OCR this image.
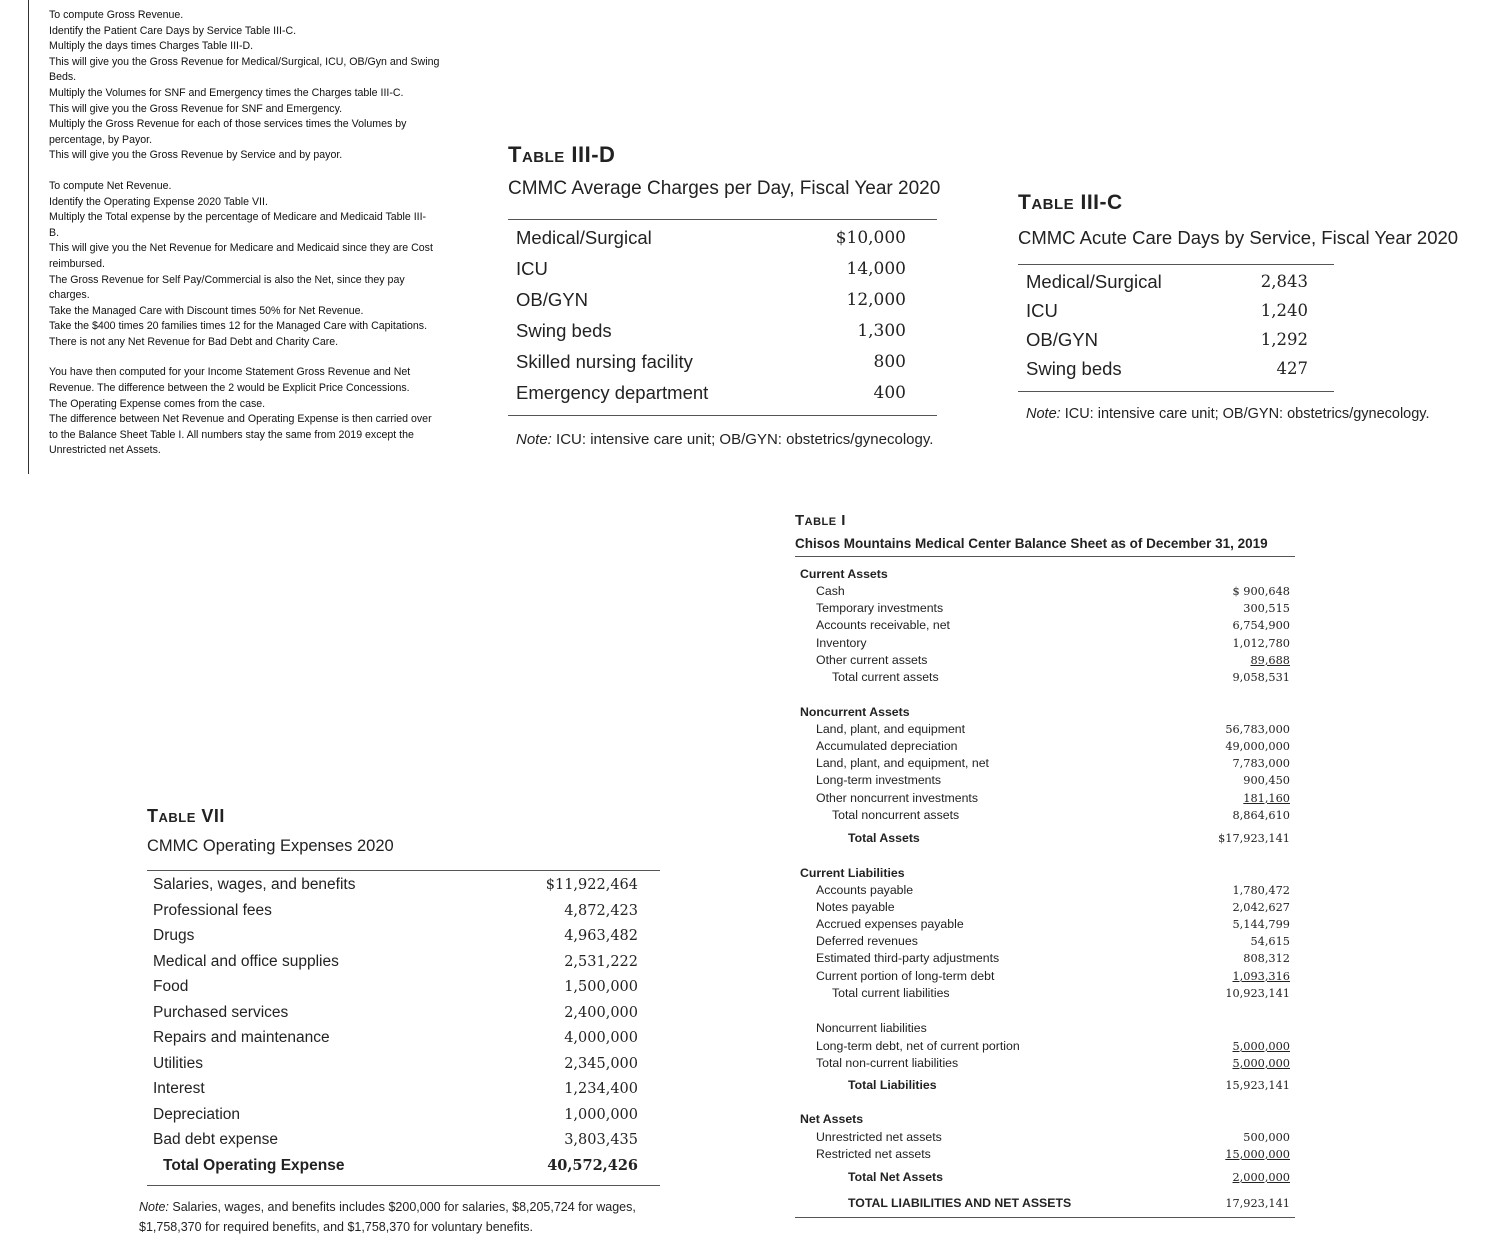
To compute Gross Revenue.
Identify the Patient Care Days by Service Table III-C.
Multiply the days times Charges Table III-D.
This will give you the Gross Revenue for Medical/Surgical, ICU, OB/Gyn and Swing
Beds.
Multiply the Volumes for SNF and Emergency times the Charges table III-C.
This will give you the Gross Revenue for SNF and Emergency.
Multiply the Gross Revenue for each of those services times the Volumes by
percentage, by Payor.
This will give you the Gross Revenue by Service and by payor.
To compute Net Revenue.
Identify the Operating Expense 2020 Table VII.
Multiply the Total expense by the percentage of Medicare and Medicaid Table III-
B.
This will give you the Net Revenue for Medicare and Medicaid since they are Cost
reimbursed.
The Gross Revenue for Self Pay/Commercial is also the Net, since they pay
charges.
Take the Managed Care with Discount times 50% for Net Revenue.
Take the $400 times 20 families times 12 for the Managed Care with Capitations.
There is not any Net Revenue for Bad Debt and Charity Care.
You have then computed for your Income Statement Gross Revenue and Net
Revenue. The difference between the 2 would be Explicit Price Concessions.
The Operating Expense comes from the case.
The difference between Net Revenue and Operating Expense is then carried over
to the Balance Sheet Table I. All numbers stay the same from 2019 except the
Unrestricted net Assets.
Table III-D
CMMC Average Charges per Day, Fiscal Year 2020
Medical/Surgical	$10,000
ICU	14,000
OB/GYN	12,000
Swing beds	1,300
Skilled nursing facility	800
Emergency department	400
Note: ICU: intensive care unit; OB/GYN: obstetrics/gynecology.
Table III-C
CMMC Acute Care Days by Service, Fiscal Year 2020
Medical/Surgical	2,843
ICU	1,240
OB/GYN	1,292
Swing beds	427
Note: ICU: intensive care unit; OB/GYN: obstetrics/gynecology.
Table I
Chisos Mountains Medical Center Balance Sheet as of December 31, 2019
Current Assets
Cash	$ 900,648
Temporary investments	300,515
Accounts receivable, net	6,754,900
Inventory	1,012,780
Other current assets	89,688
Total current assets	9,058,531
Noncurrent Assets
Land, plant, and equipment	56,783,000
Accumulated depreciation	49,000,000
Land, plant, and equipment, net	7,783,000
Long-term investments	900,450
Other noncurrent investments	181,160
Total noncurrent assets	8,864,610
Total Assets	$17,923,141
Current Liabilities
Accounts payable	1,780,472
Notes payable	2,042,627
Accrued expenses payable	5,144,799
Deferred revenues	54,615
Estimated third-party adjustments	808,312
Current portion of long-term debt	1,093,316
Total current liabilities	10,923,141
Noncurrent liabilities
Long-term debt, net of current portion	5,000,000
Total non-current liabilities	5,000,000
Total Liabilities	15,923,141
Net Assets
Unrestricted net assets	500,000
Restricted net assets	15,000,000
Total Net Assets	2,000,000
TOTAL LIABILITIES AND NET ASSETS	17,923,141
Table VII
CMMC Operating Expenses 2020
Salaries, wages, and benefits	$11,922,464
Professional fees	4,872,423
Drugs	4,963,482
Medical and office supplies	2,531,222
Food	1,500,000
Purchased services	2,400,000
Repairs and maintenance	4,000,000
Utilities	2,345,000
Interest	1,234,400
Depreciation	1,000,000
Bad debt expense	3,803,435
Total Operating Expense	40,572,426
Note: Salaries, wages, and benefits includes $200,000 for salaries, $8,205,724 for wages, $1,758,370 for required benefits, and $1,758,370 for voluntary benefits.
